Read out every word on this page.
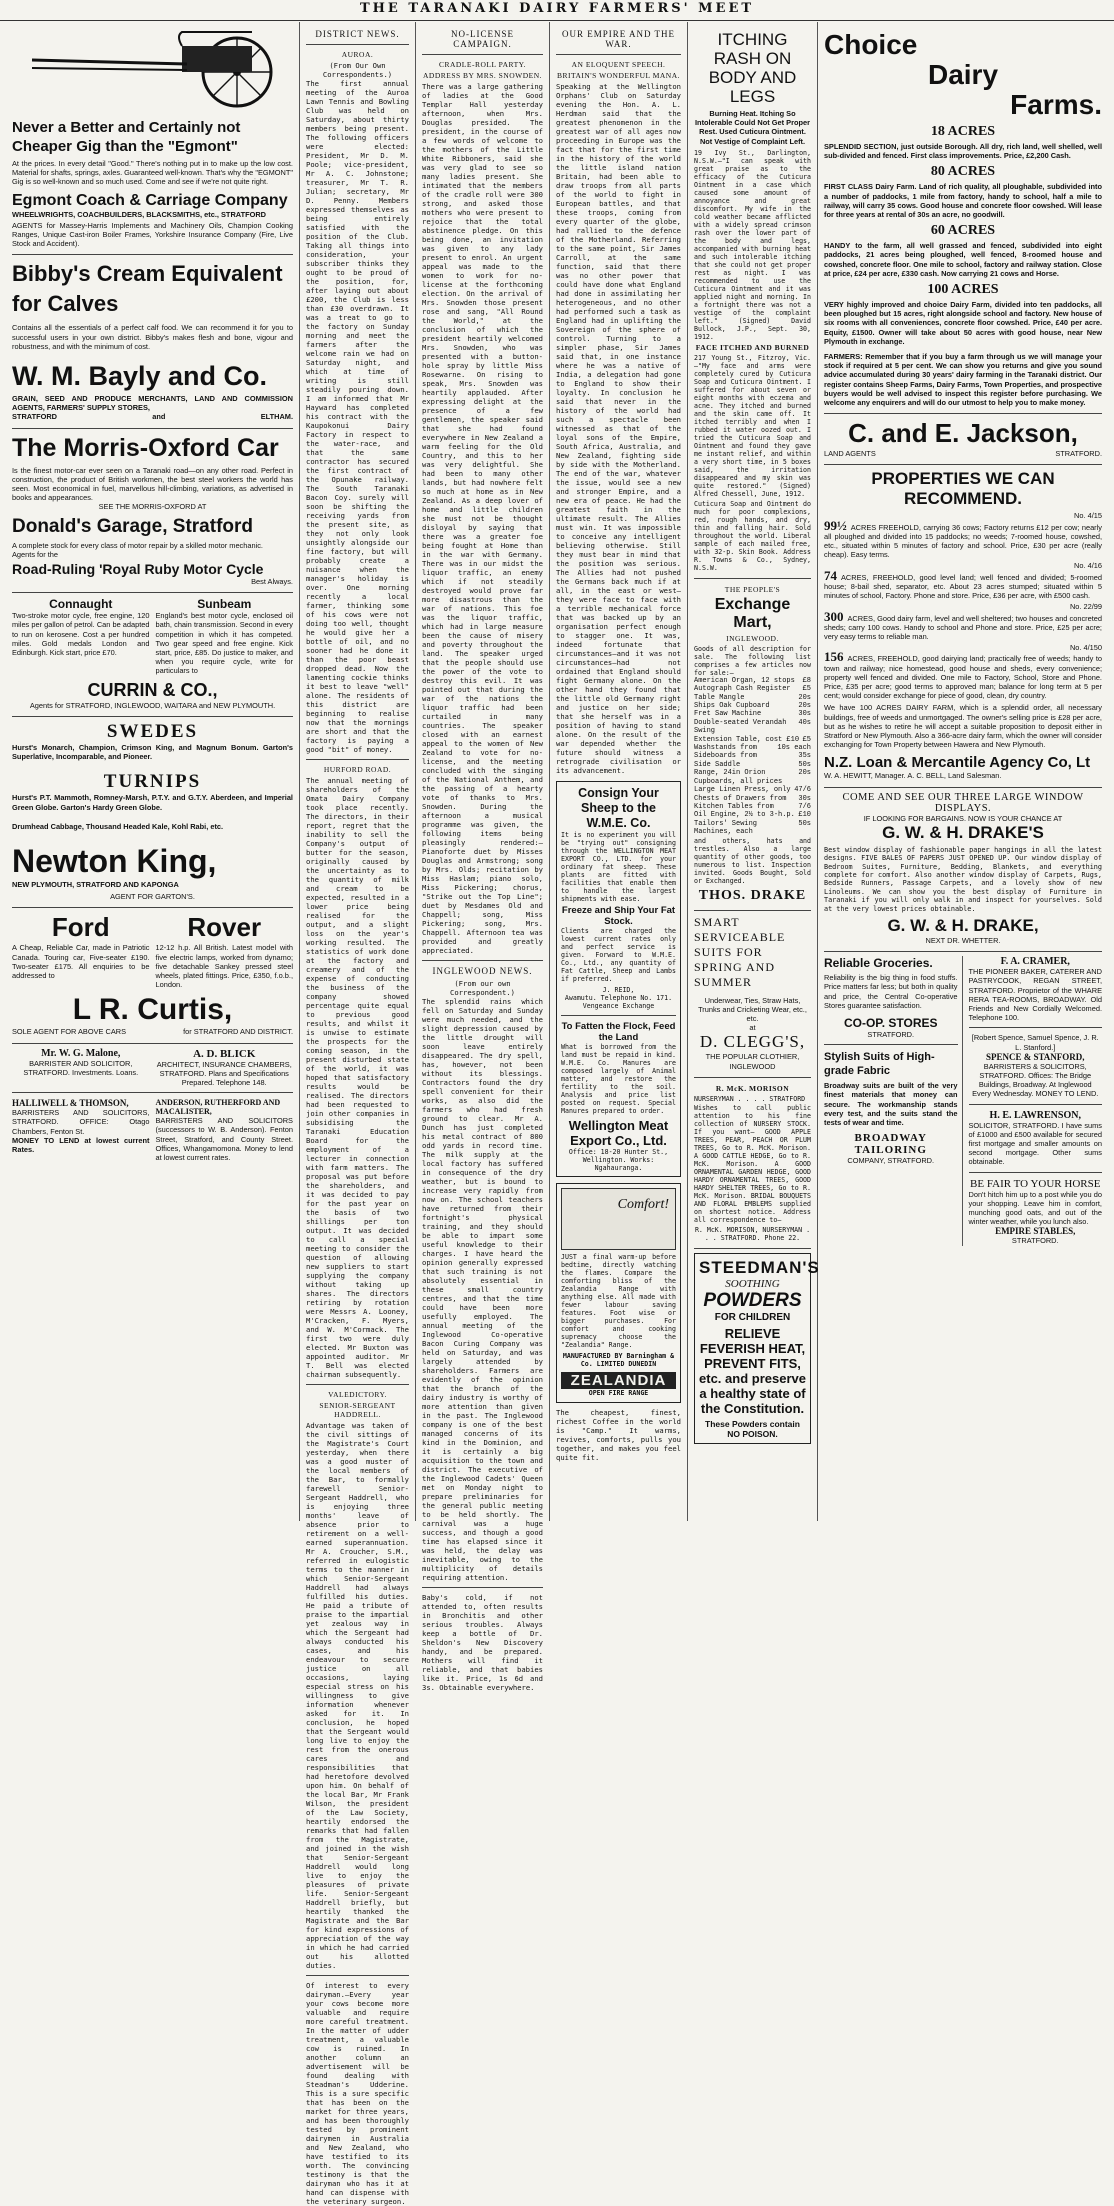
THE TARANAKI DAIRY FARMERS' MEET
Never a Better and Certainly not Cheaper Gig than the "Egmont"
At the prices. In every detail "Good." There's nothing put in to make up the low cost. Material for shafts, springs, axles. Guaranteed well-known. That's why the "EGMONT" Gig is so well-known and so much used. Come and see if we're not quite right.
Egmont Coach & Carriage Company
WHEELWRIGHTS, COACHBUILDERS, BLACKSMITHS, etc., STRATFORD
AGENTS for Massey-Harris Implements and Machinery Oils, Champion Cooking Ranges, Unique Cast-iron Boiler Frames, Yorkshire Insurance Company (Fire, Live Stock and Accident).
Bibby's Cream Equivalent for Calves
Contains all the essentials of a perfect calf food. We can recommend it for you to successful users in your own district. Bibby's makes flesh and bone, vigour and robustness, and with the minimum of cost.
W. M. Bayly and Co.
GRAIN, SEED AND PRODUCE MERCHANTS, LAND AND COMMISSION AGENTS, FARMERS' SUPPLY STORES,
STRATFORD	and	ELTHAM.
The Morris-Oxford Car
Is the finest motor-car ever seen on a Taranaki road—on any other road. Perfect in construction, the product of British workmen, the best steel workers the world has seen. Most economical in fuel, marvellous hill-climbing, variations, as advertised in books and appearances.
SEE THE MORRIS-OXFORD AT
Donald's Garage, Stratford
A complete stock for every class of motor repair by a skilled motor mechanic.
Agents for the
Road-Ruling 'Royal Ruby Motor Cycle
Best Always.
Connaught
Two-stroke motor cycle, free engine, 120 miles per gallon of petrol. Can be adapted to run on kerosene. Cost a per hundred miles. Gold medals London and Edinburgh. Kick start, price £70.
Sunbeam
England's best motor cycle, enclosed oil bath, chain transmission. Second in every competition in which it has competed. Two gear speed and free engine. Kick start, price, £85. Do justice to maker, and when you require cycle, write for particulars to
CURRIN & CO.,
Agents for STRATFORD, INGLEWOOD, WAITARA and NEW PLYMOUTH.
SWEDES
Hurst's Monarch, Champion, Crimson King, and Magnum Bonum. Garton's Superlative, Incomparable, and Pioneer.
TURNIPS
Hurst's P.T. Mammoth, Romney-Marsh, P.T.Y. and G.T.Y. Aberdeen, and Imperial Green Globe. Garton's Hardy Green Globe.
Drumhead Cabbage, Thousand Headed Kale, Kohl Rabi, etc.
Newton King,
NEW PLYMOUTH, STRATFORD AND KAPONGA
AGENT FOR GARTON'S.
Ford
A Cheap, Reliable Car, made in Patriotic Canada. Touring car, Five-seater £190. Two-seater £175. All enquiries to be addressed to
Rover
12-12 h.p. All British. Latest model with five electric lamps, worked from dynamo; five detachable Sankey pressed steel wheels, plated fittings. Price, £350, f.o.b., London.
L R. Curtis,
SOLE AGENT FOR ABOVE CARS	for STRATFORD AND DISTRICT.
Mr. W. G. Malone,
BARRISTER AND SOLICITOR, STRATFORD. Investments. Loans.
A. D. BLICK
ARCHITECT, INSURANCE CHAMBERS, STRATFORD. Plans and Specifications Prepared. Telephone 148.
HALLIWELL & THOMSON,
BARRISTERS AND SOLICITORS, STRATFORD. OFFICE: Otago Chambers, Fenton St.
MONEY TO LEND at lowest current Rates.
ANDERSON, RUTHERFORD AND MACALISTER,
BARRISTERS AND SOLICITORS (successors to W. B. Anderson). Fenton Street, Stratford, and County Street. Offices, Whangamomona. Money to lend at lowest current rates.
DISTRICT NEWS.
AUROA.
(From Our Own Correspondents.)
The first annual meeting of the Auroa Lawn Tennis and Bowling Club was held on Saturday, about thirty members being present. The following officers were elected: President, Mr D. M. Poole; vice-president, Mr A. C. Johnstone; treasurer, Mr T. R. Julian; secretary, Mr D. Penny. Members expressed themselves as being entirely satisfied with the position of the Club. Taking all things into consideration, your subscriber thinks they ought to be proud of the position, for, after laying out about £200, the Club is less than £30 overdrawn. It was a treat to go to the factory on Sunday morning and meet the farmers after the welcome rain we had on Saturday night, and which at time of writing is still steadily pouring down. I am informed that Mr Hayward has completed his contract with the Kaupokonui Dairy Factory in respect to the water-race, and that the same contractor has secured the first contract of the Opunake railway. The South Taranaki Bacon Coy. surely will soon be shifting the receiving yards from the present site, as they not only look unsightly alongside our fine factory, but will probably create a nuisance when the manager's holiday is over. One morning recently a local farmer, thinking some of his cows were not doing too well, thought he would give her a bottle of oil, and no sooner had he done it than the poor beast dropped dead. Now the lamenting cockie thinks it best to leave "well" alone. The residents of this district are beginning to realise now that the mornings are short and that the factory is paying a good "bit" of money.
HURFORD ROAD.
The annual meeting of shareholders of the Omata Dairy Company took place recently. The directors, in their report, regret that the inability to sell the Company's output of butter for the season, originally caused by the uncertainty as to the quantity of milk and cream to be expected, resulted in a lower price being realised for the output, and a slight loss on the year's working resulted. The statistics of work done at the factory and creamery and of the expense of conducting the business of the company showed percentage quite equal to previous good results, and whilst it is unwise to estimate the prospects for the coming season, in the present disturbed state of the world, it was hoped that satisfactory results would be realised. The directors had been requested to join other companies in subsidising the Taranaki Education Board for the employment of a lecturer in connection with farm matters. The proposal was put before the shareholders, and it was decided to pay for the past year on the basis of two shillings per ton output. It was decided to call a special meeting to consider the question of allowing new suppliers to start supplying the company without taking up shares. The directors retiring by rotation were Messrs A. Looney, M'Cracken, F. Myers, and W. M'Cormack. The first two were duly elected. Mr Buxton was appointed auditor. Mr T. Bell was elected chairman subsequently.
VALEDICTORY.
SENIOR-SERGEANT HADDRELL.
Advantage was taken of the civil sittings of the Magistrate's Court yesterday, when there was a good muster of the local members of the Bar, to formally farewell Senior-Sergeant Haddrell, who is enjoying three months' leave of absence prior to retirement on a well-earned superannuation. Mr A. Croucher, S.M., referred in eulogistic terms to the manner in which Senior-Sergeant Haddrell had always fulfilled his duties. He paid a tribute of praise to the impartial yet zealous way in which the Sergeant had always conducted his cases, and his endeavour to secure justice on all occasions, laying especial stress on his willingness to give information whenever asked for it. In conclusion, he hoped that the Sergeant would long live to enjoy the rest from the onerous cares and responsibilities that had heretofore devolved upon him. On behalf of the local Bar, Mr Frank Wilson, the president of the Law Society, heartily endorsed the remarks that had fallen from the Magistrate, and joined in the wish that Senior-Sergeant Haddrell would long live to enjoy the pleasures of private life. Senior-Sergeant Haddrell briefly, but heartily thanked the Magistrate and the Bar for kind expressions of appreciation of the way in which he had carried out his allotted duties.
Of interest to every dairyman.—Every year your cows become more valuable and require more careful treatment. In the matter of udder treatment, a valuable cow is ruined. In another column an advertisement will be found dealing with Steadman's Udderine. This is a sure specific that has been on the market for three years, and has been thoroughly tested by prominent dairymen in Australia and New Zealand, who have testified to its worth. The convincing testimony is that the dairyman who has it at hand can dispense with the veterinary surgeon.
NO-LICENSE CAMPAIGN.
CRADLE-ROLL PARTY.
ADDRESS BY MRS. SNOWDEN.
There was a large gathering of ladies at the Good Templar Hall yesterday afternoon, when Mrs. Douglas presided. The president, in the course of a few words of welcome to the mothers of the Little White Ribboners, said she was very glad to see so many ladies present. She intimated that the members of the cradle roll were 300 strong, and asked those mothers who were present to rejoice that the total abstinence pledge. On this being done, an invitation was given to any lady present to enrol. An urgent appeal was made to the women to work for no-license at the forthcoming election. On the arrival of Mrs. Snowden those present rose and sang, "All Round the World," at the conclusion of which the president heartily welcomed Mrs. Snowden, who was presented with a button-hole spray by little Miss Rosewarne. On rising to speak, Mrs. Snowden was heartily applauded. After expressing delight at the presence of a few gentlemen, the speaker said that she had found everywhere in New Zealand a warm feeling for the Old Country, and this to her was very delightful. She had been to many other lands, but had nowhere felt so much at home as in New Zealand. As a deep lover of home and little children she must not be thought disloyal by saying that there was a greater foe being fought at Home than in the war with Germany. There was in our midst the liquor traffic, an enemy which if not steadily destroyed would prove far more disastrous than the war of nations. This foe was the liquor traffic, which had in large measure been the cause of misery and poverty throughout the land. The speaker urged that the people should use the power of the vote to destroy this evil. It was pointed out that during the war of the nations the liquor traffic had been curtailed in many countries. The speaker closed with an earnest appeal to the women of New Zealand to vote for no-license, and the meeting concluded with the singing of the National Anthem, and the passing of a hearty vote of thanks to Mrs. Snowden. During the afternoon a musical programme was given, the following items being pleasingly rendered:—Pianoforte duet by Misses Douglas and Armstrong; song by Mrs. Olds; recitation by Miss Haslam; piano solo, Miss Pickering; chorus, "Strike out the Top Line"; duet by Mesdames Old and Chappell; song, Miss Pickering; song, Mrs. Chappell. Afternoon tea was provided and greatly appreciated.
INGLEWOOD NEWS.
(From our own Correspondent.)
The splendid rains which fell on Saturday and Sunday were much needed, and the slight depression caused by the little drought will soon leave entirely disappeared. The dry spell, has, however, not been without its blessings. Contractors found the dry spell convenient for their works, as also did the farmers who had fresh ground to clear. Mr A. Dunch has just completed his metal contract of 800 odd yards in record time. The milk supply at the local factory has suffered in consequence of the dry weather, but is bound to increase very rapidly from now on. The school teachers have returned from their fortnight's physical training, and they should be able to impart some useful knowledge to their charges. I have heard the opinion generally expressed that such training is not absolutely essential in these small country centres, and that the time could have been more usefully employed. The annual meeting of the Inglewood Co-operative Bacon Curing Company was held on Saturday, and was largely attended by shareholders. Farmers are evidently of the opinion that the branch of the dairy industry is worthy of more attention than given in the past. The Inglewood company is one of the best managed concerns of its kind in the Dominion, and it is certainly a big acquisition to the town and district. The executive of the Inglewood Cadets' Queen met on Monday night to prepare preliminaries for the general public meeting to be held shortly. The carnival was a huge success, and though a good time has elapsed since it was held, the delay was inevitable, owing to the multiplicity of details requiring attention.
Baby's cold, if not attended to, often results in Bronchitis and other serious troubles. Always keep a bottle of Dr. Sheldon's New Discovery handy, and be prepared. Mothers will find it reliable, and that babies like it. Price, 1s 6d and 3s. Obtainable everywhere.
OUR EMPIRE AND THE WAR.
AN ELOQUENT SPEECH.
BRITAIN'S WONDERFUL MANA.
Speaking at the Wellington Orphans' Club on Saturday evening the Hon. A. L. Herdman said that the greatest phenomenon in the greatest war of all ages now proceeding in Europe was the fact that for the first time in the history of the world the little island nation Britain, had been able to draw troops from all parts of the world to fight in European battles, and that these troops, coming from every quarter of the globe, had rallied to the defence of the Motherland. Referring to the same point, Sir James Carroll, at the same function, said that there was no other power that could have done what England had done in assimilating her heterogeneous, and no other had performed such a task as England had in uplifting the Sovereign of the sphere of control. Turning to a simpler phase, Sir James said that, in one instance where he was a native of India, a delegation had gone to England to show their loyalty. In conclusion he said that never in the history of the world had such a spectacle been witnessed as that of the loyal sons of the Empire, South Africa, Australia, and New Zealand, fighting side by side with the Motherland. The end of the war, whatever the issue, would see a new and stronger Empire, and a new era of peace. He had the greatest faith in the ultimate result. The Allies must win. It was impossible to conceive any intelligent believing otherwise. Still they must bear in mind that the position was serious. The Allies had not pushed the Germans back much if at all, in the east or west—they were face to face with a terrible mechanical force that was backed up by an organisation perfect enough to stagger one. It was, indeed fortunate that circumstances—and it was not circumstances—had not ordained that England should fight Germany alone. On the other hand they found that the little old Germany right and justice on her side; that she herself was in a position of having to stand alone. On the result of the war depended whether the future should witness a retrograde civilisation or its advancement.
Consign Your Sheep to the W.M.E. Co.
It is no experiment you will be "trying out" consigning through the WELLINGTON MEAT EXPORT CO., LTD. for your ordinary fat sheep. These plants are fitted with facilities that enable them to handle the largest shipments with ease.
Freeze and Ship Your Fat Stock.
Clients are charged the lowest current rates only and perfect service is given. Forward to W.M.E. Co., Ltd., any quantity of Fat Cattle, Sheep and Lambs if preferred.
J. REID,
Awamutu. Telephone No. 171. Vengeance Exchange
To Fatten the Flock, Feed the Land
What is borrowed from the land must be repaid in kind. W.M.E. Co. Manures are composed largely of Animal matter, and restore the fertility to the soil. Analysis and price list posted on request. Special Manures prepared to order.
Wellington Meat Export Co., Ltd.
Office: 18-20 Hunter St., Wellington. Works: Ngahauranga.
Comfort!
JUST a final warm-up before bedtime, directly watching the flames. Compare the comforting bliss of the Zealandia Range with anything else. All made with fewer labour saving features. Foot wise or bigger purchases. For comfort and cooking supremacy choose the "Zealandia" Range.
MANUFACTURED BY Barningham & Co. LIMITED DUNEDIN
ZEALANDIA
OPEN FIRE RANGE
The cheapest, finest, richest Coffee in the world is "Camp." It warms, revives, comforts, pulls you together, and makes you feel quite fit.
ITCHING RASH ON BODY AND LEGS
Burning Heat. Itching So Intolerable Could Not Get Proper Rest. Used Cuticura Ointment. Not Vestige of Complaint Left.
19 Ivy St., Darlington, N.S.W.—"I can speak with great praise as to the efficacy of the Cuticura Ointment in a case which caused some amount of annoyance and great discomfort. My wife in the cold weather became afflicted with a widely spread crimson rash over the lower part of the body and legs, accompanied with burning heat and such intolerable itching that she could not get proper rest as night. I was recommended to use the Cuticura Ointment and it was applied night and morning. In a fortnight there was not a vestige of the complaint left." (Signed) David Bullock, J.P., Sept. 30, 1912.
FACE ITCHED AND BURNED
217 Young St., Fitzroy, Vic.—"My face and arms were completely cured by Cuticura Soap and Cuticura Ointment. I suffered for about seven or eight months with eczema and acne. They itched and burned and the skin came off. It itched terribly and when I rubbed it water oozed out. I tried the Cuticura Soap and Ointment and found they gave me instant relief, and within a very short time, in 5 boxes said, the irritation disappeared and my skin was quite restored." (Signed) Alfred Chessell, June, 1912.
Cuticura Soap and Ointment do much for poor complexions, red, rough hands, and dry, thin and falling hair. Sold throughout the world. Liberal sample of each mailed free, with 32-p. Skin Book. Address R. Towns & Co., Sydney, N.S.W.
THE PEOPLE'S
Exchange Mart,
INGLEWOOD.
Goods of all description for sale. The following list comprises a few articles now for sale:—
American Organ, 12 stops £8
Autograph Cash Register £5
Table Mangle	20s
Ships Oak Cupboard	20s
Fret Saw Machine	30s
Double-seated Verandah Swing
40s
Extension Table, cost £10 £5
Washstands from	10s each
Sideboards from	35s
Side Saddle	50s
Range, 24in Orion	20s
Cupboards, all prices
Large Linen Press, only 47/6
Chests of Drawers from 30s
Kitchen Tables from	7/6
Oil Engine, 2½ to 3-h.p. £10
Tailors' Sewing Machines, each
50s
and others, hats and trestles. Also a large quantity of other goods, too numerous to list. Inspection invited. Goods Bought, Sold or Exchanged.
THOS. DRAKE
SMART SERVICEABLE SUITS FOR SPRING AND SUMMER
Underwear, Ties, Straw Hats, Trunks and Cricketing Wear, etc., etc.
at
D. CLEGG'S,
THE POPULAR CLOTHIER, INGLEWOOD
R. McK. MORISON
NURSERYMAN . . . . STRATFORD
Wishes to call public attention to his fine collection of NURSERY STOCK. If you want— GOOD APPLE TREES, PEAR, PEACH OR PLUM TREES, Go to R. McK. Morison. A GOOD CATTLE HEDGE, Go to R. McK. Morison. A GOOD ORNAMENTAL GARDEN HEDGE, GOOD HARDY ORNAMENTAL TREES, GOOD HARDY SHELTER TREES, Go to R. McK. Morison. BRIDAL BOUQUETS AND FLORAL EMBLEMS supplied on shortest notice. Address all correspondence to—
R. McK. MORISON, NURSERYMAN . . . STRATFORD. Phone 22.
STEEDMAN'S
SOOTHING
POWDERS
FOR CHILDREN
RELIEVE FEVERISH HEAT, PREVENT FITS, etc. and preserve a healthy state of the Constitution.
These Powders contain NO POISON.
Choice
Dairy
Farms.
18 ACRES
SPLENDID SECTION, just outside Borough. All dry, rich land, well shelled, well sub-divided and fenced. First class improvements. Price, £2,200 Cash.
80 ACRES
FIRST CLASS Dairy Farm. Land of rich quality, all ploughable, subdivided into a number of paddocks, 1 mile from factory, handy to school, half a mile to railway, will carry 35 cows. Good house and concrete floor cowshed. Will lease for three years at rental of 30s an acre, no goodwill.
60 ACRES
HANDY to the farm, all well grassed and fenced, subdivided into eight paddocks, 21 acres being ploughed, well fenced, 8-roomed house and cowshed, concrete floor. One mile to school, factory and railway station. Close at price, £24 per acre, £330 cash. Now carrying 21 cows and Horse.
100 ACRES
VERY highly improved and choice Dairy Farm, divided into ten paddocks, all been ploughed but 15 acres, right alongside school and factory. New house of six rooms with all conveniences, concrete floor cowshed. Price, £40 per acre. Equity, £1500. Owner will take about 50 acres with good house, near New Plymouth in exchange.
FARMERS: Remember that if you buy a farm through us we will manage your stock if required at 5 per cent. We can show you returns and give you sound advice accumulated during 30 years' dairy farming in the Taranaki district. Our register contains Sheep Farms, Dairy Farms, Town Properties, and prospective buyers would be well advised to inspect this register before purchasing. We welcome any enquirers and will do our utmost to help you to make money.
C. and E. Jackson,
LAND AGENTS	STRATFORD.
PROPERTIES WE CAN RECOMMEND.
No. 4/15
99½ ACRES FREEHOLD, carrying 36 cows; Factory returns £12 per cow; nearly all ploughed and divided into 15 paddocks; no weeds; 7-roomed house, cowshed, etc., situated within 5 minutes of factory and school. Price, £30 per acre (really cheap). Easy terms.
No. 4/16
74 ACRES, FREEHOLD, good level land; well fenced and divided; 5-roomed house; 8-bail shed, separator, etc. About 23 acres stumped; situated within 5 minutes of school, Factory. Phone and store. Price, £36 per acre, with £500 cash.
No. 22/99
300 ACRES, Good dairy farm, level and well sheltered; two houses and concreted sheds; carry 100 cows. Handy to school and Phone and store. Price, £25 per acre; very easy terms to reliable man.
No. 4/150
156 ACRES, FREEHOLD, good dairying land; practically free of weeds; handy to town and railway; nice homestead, good house and sheds, every convenience; property well fenced and divided. One mile to Factory, School, Store and Phone. Price, £35 per acre; good terms to approved man; balance for long term at 5 per cent; would consider exchange for piece of good, clean, dry country.
We have 100 ACRES DAIRY FARM, which is a splendid order, all necessary buildings, free of weeds and unmortgaged. The owner's selling price is £28 per acre, but as he wishes to retire he will accept a suitable proposition to deposit either in Stratford or New Plymouth. Also a 366-acre dairy farm, which the owner will consider exchanging for Town Property between Hawera and New Plymouth.
N.Z. Loan & Mercantile Agency Co, Lt
W. A. HEWITT, Manager. A. C. BELL, Land Salesman.
COME AND SEE OUR THREE LARGE WINDOW DISPLAYS.
IF LOOKING FOR BARGAINS. NOW IS YOUR CHANCE AT
G. W. & H. DRAKE'S
Best window display of fashionable paper hangings in all the latest designs. FIVE BALES OF PAPERS JUST OPENED UP. Our window display of Bedroom Suites, Furniture, Bedding, Blankets, and everything complete for comfort. Also another window display of Carpets, Rugs, Bedside Runners, Passage Carpets, and a lovely show of new Linoleums. We can show you the best display of Furniture in Taranaki if you will only walk in and inspect for yourselves. Sold at the very lowest prices obtainable.
G. W. & H. DRAKE,
NEXT DR. WHETTER.
Reliable Groceries.
Reliability is the big thing in food stuffs. Price matters far less; but both in quality and price, the Central Co-operative Stores guarantee satisfaction.
CO-OP. STORES
STRATFORD.
Stylish Suits of High-grade Fabric
Broadway suits are built of the very finest materials that money can secure. The workmanship stands every test, and the suits stand the tests of wear and time.
BROADWAY TAILORING
COMPANY, STRATFORD.
F. A. CRAMER,
THE PIONEER BAKER, CATERER AND PASTRYCOOK, REGAN STREET, STRATFORD. Proprietor of the WHARE RERA TEA-ROOMS, BROADWAY. Old Friends and New Cordially Welcomed. Telephone 100.
[Robert Spence, Samuel Spence, J. R. L. Stanford.]
SPENCE & STANFORD,
BARRISTERS & SOLICITORS, STRATFORD. Offices: The Bridge Buildings, Broadway. At Inglewood Every Wednesday. MONEY TO LEND.
H. E. LAWRENSON,
SOLICITOR, STRATFORD. I have sums of £1000 and £500 available for secured first mortgage and smaller amounts on second mortgage. Other sums obtainable.
BE FAIR TO YOUR HORSE
Don't hitch him up to a post while you do your shopping. Leave him in comfort, munching good oats, and out of the winter weather, while you lunch also.
EMPIRE STABLES,
STRATFORD.
